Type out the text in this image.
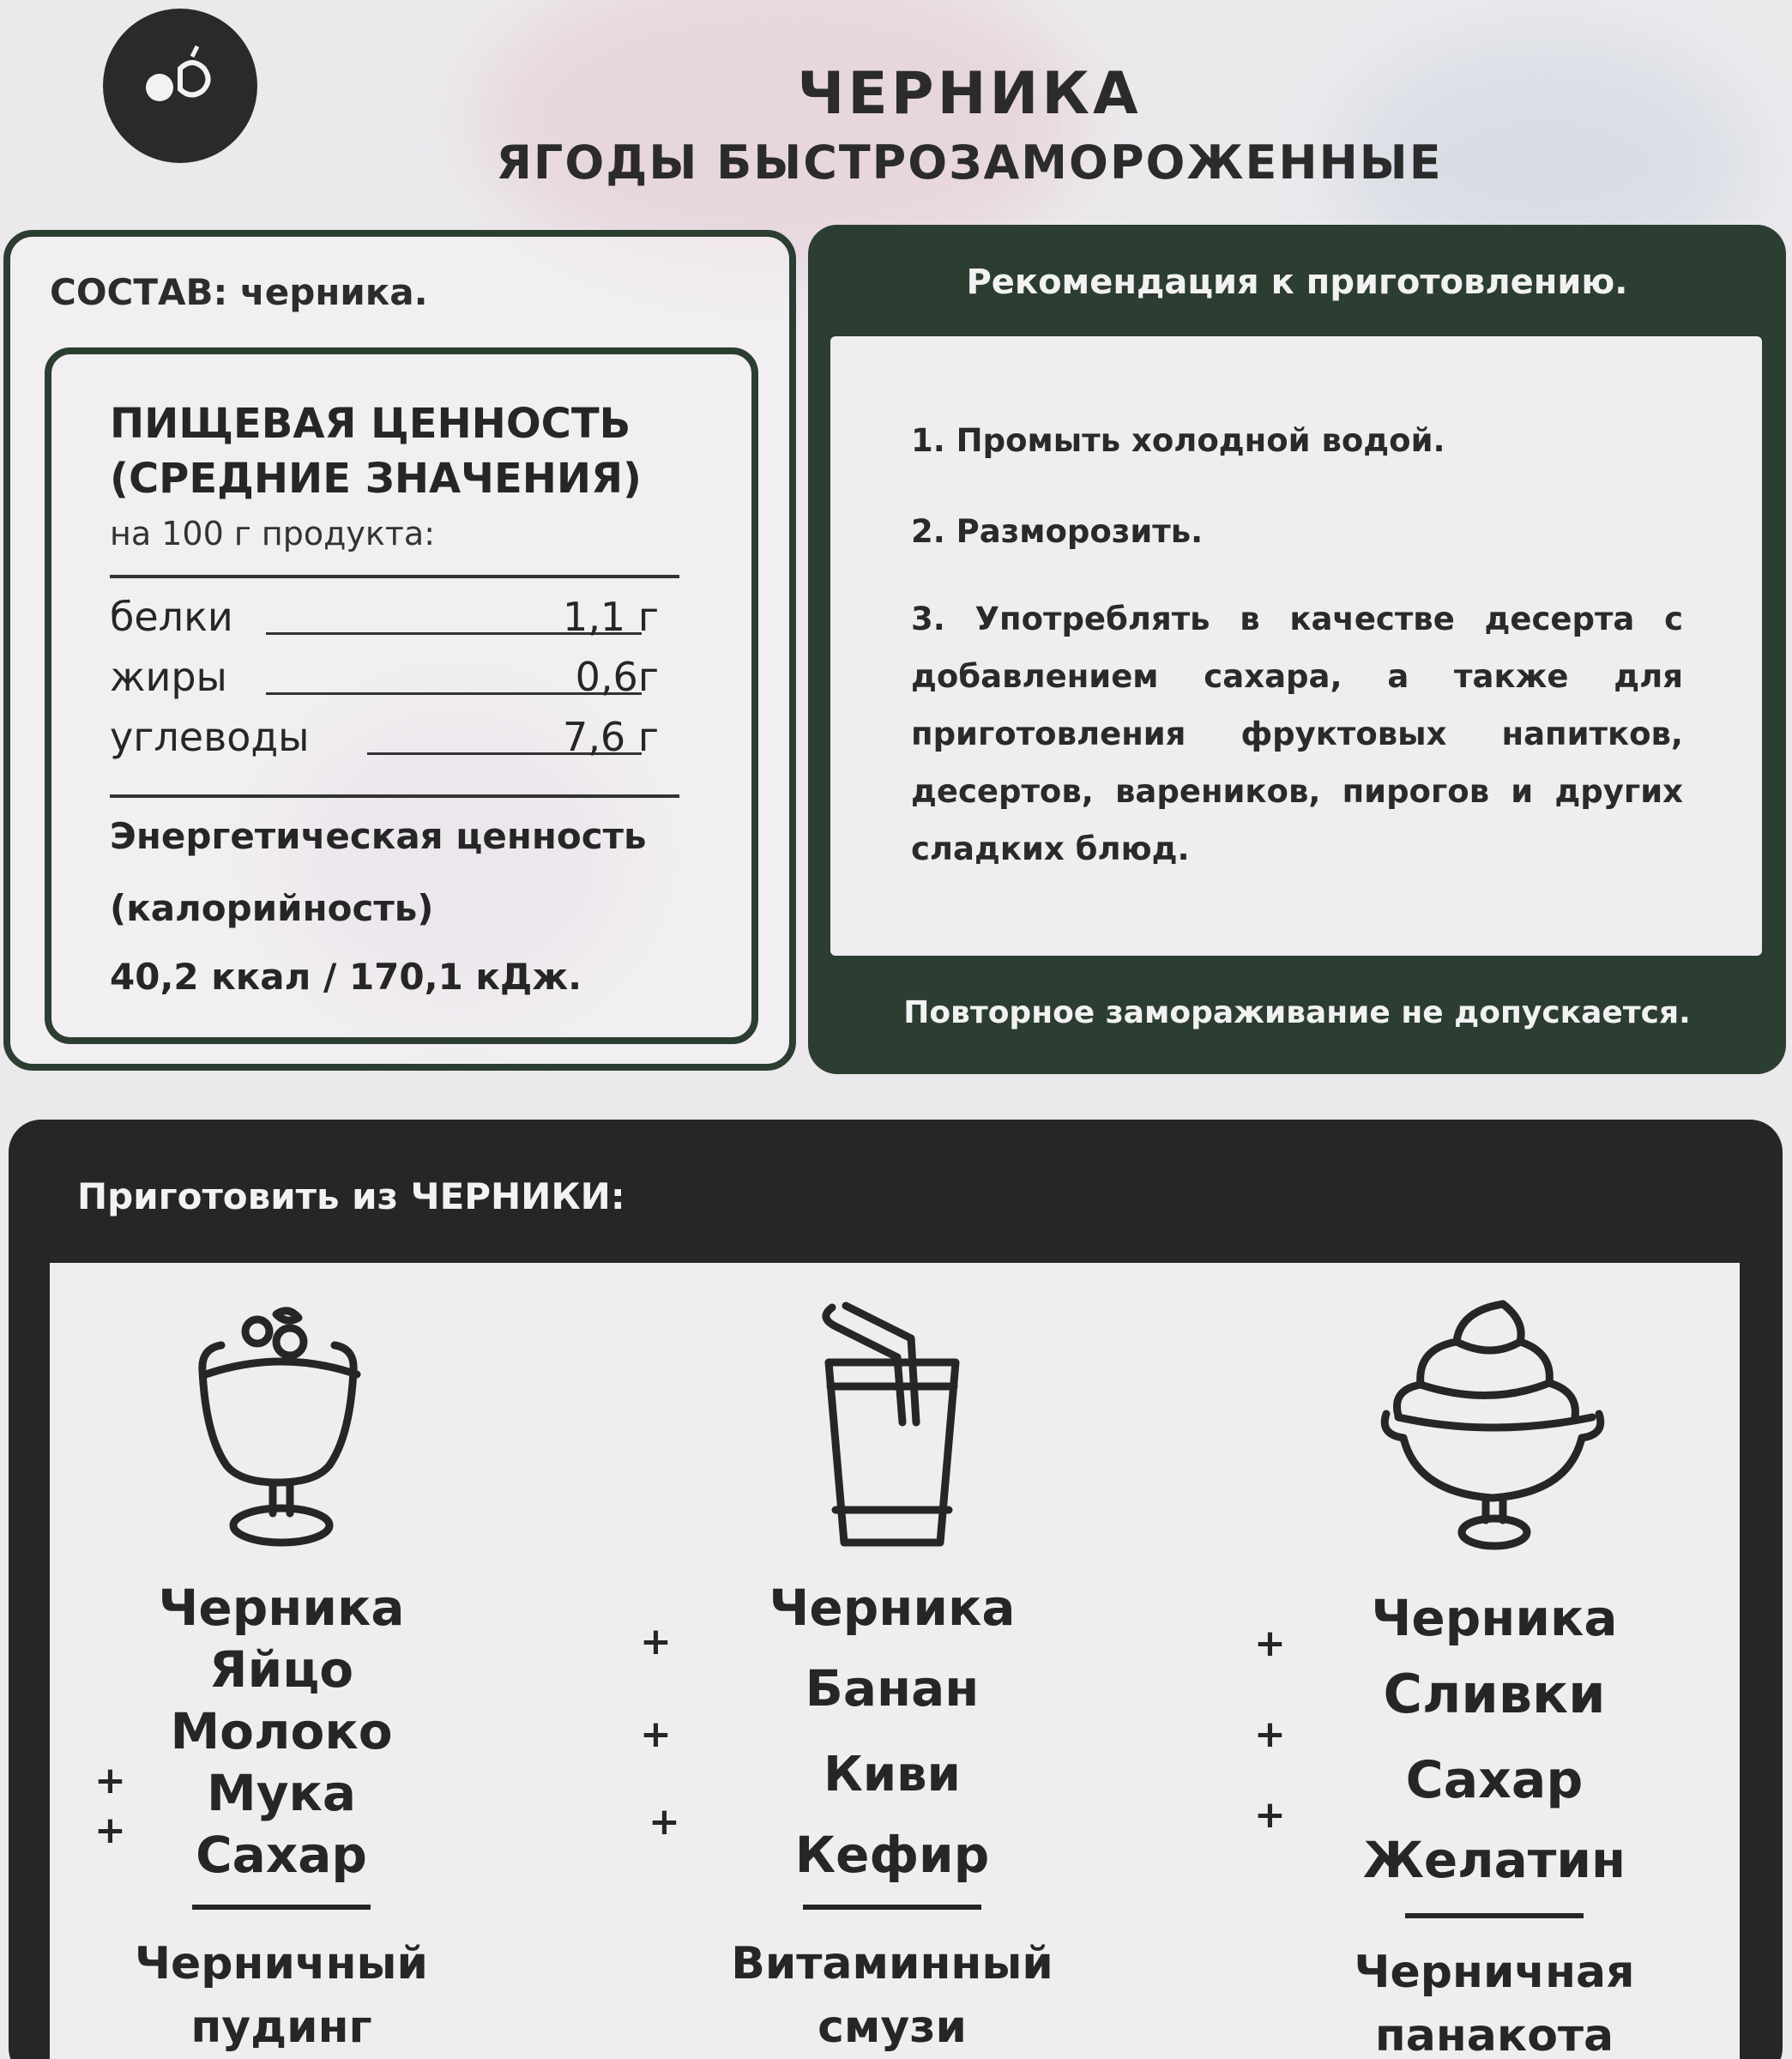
ЧЕРНИКА
ЯГОДЫ БЫСТРОЗАМОРОЖЕННЫЕ
СОСТАВ: черника.
ПИЩЕВАЯ ЦЕННОСТЬ (СРЕДНИЕ ЗНАЧЕНИЯ)
на 100 г продукта:
белки	1,1 г
жиры	0,6г
углеводы	7,6 г
Энергетическая ценность
(калорийность)
40,2 ккал / 170,1 кДж.
Рекомендация к приготовлению.
1. Промыть холодной водой.
2. Разморозить.
3. Употреблять в качестве десерта с добавлением сахара, а также для приготовления фруктовых напитков, десертов, вареников, пирогов и других сладких блюд.
Повторное замораживание не допускается.
Приготовить из ЧЕРНИКИ:
Черника
Яйцо
Молоко
Мука
Сахар
+
+
Черничный пудинг
Черника
Банан
Киви
Кефир
+
+
+
Витаминный смузи
Черника
Сливки
Сахар
Желатин
+
+
+
Черничная панакота
